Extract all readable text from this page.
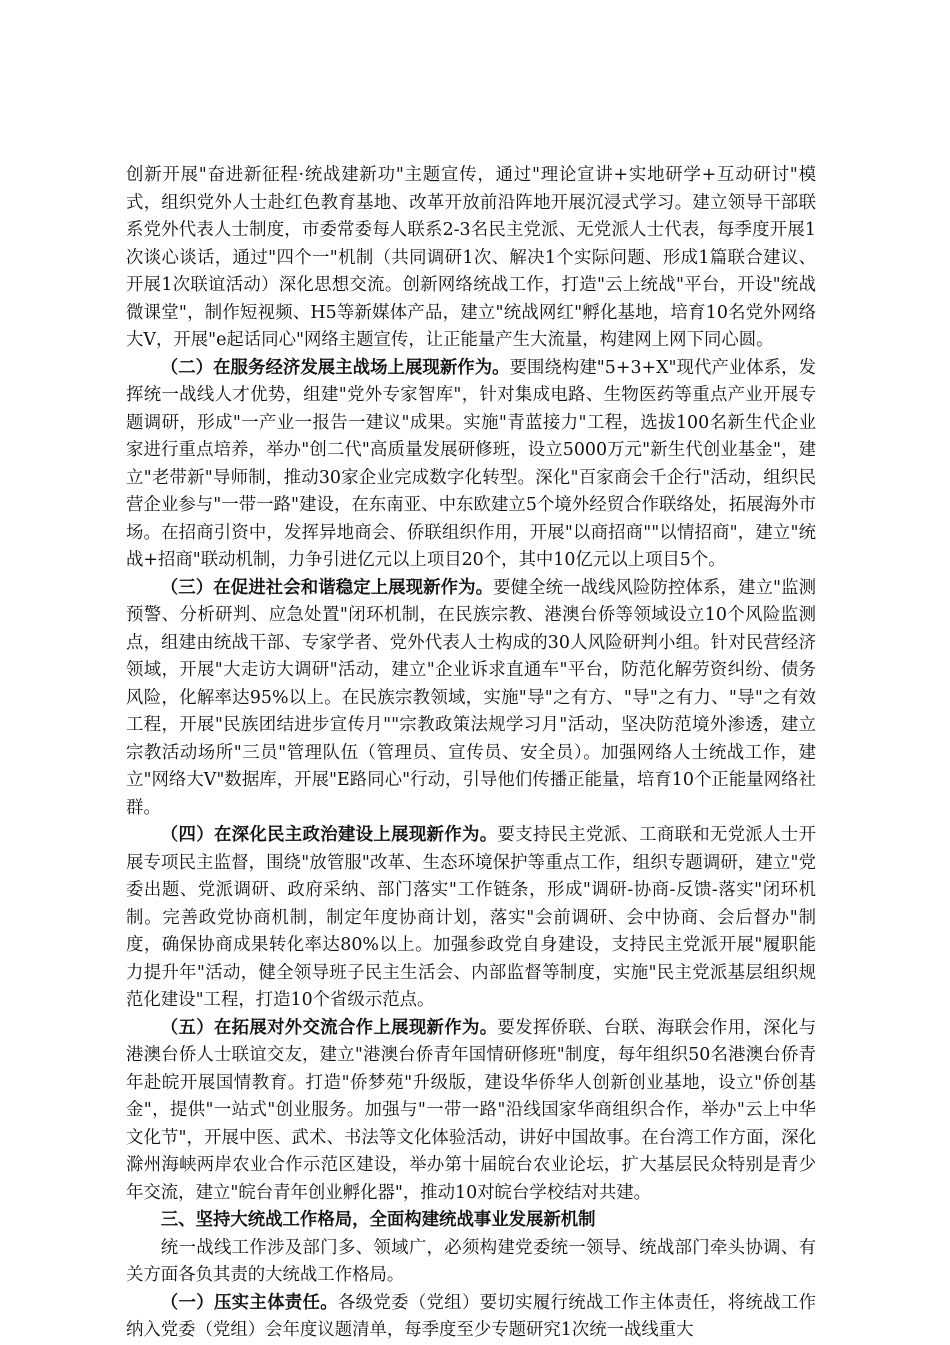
创新开展"奋进新征程·统战建新功"主题宣传，通过"理论宣讲+实地研学+互动研讨"模式，组织党外人士赴红色教育基地、改革开放前沿阵地开展沉浸式学习。建立领导干部联系党外代表人士制度，市委常委每人联系2-3名民主党派、无党派人士代表，每季度开展1次谈心谈话，通过"四个一"机制（共同调研1次、解决1个实际问题、形成1篇联合建议、开展1次联谊活动）深化思想交流。创新网络统战工作，打造"云上统战"平台，开设"统战微课堂"，制作短视频、H5等新媒体产品，建立"统战网红"孵化基地，培育10名党外网络大V，开展"e起话同心"网络主题宣传，让正能量产生大流量，构建网上网下同心圆。

（二）在服务经济发展主战场上展现新作为。要围绕构建"5+3+X"现代产业体系，发挥统一战线人才优势，组建"党外专家智库"，针对集成电路、生物医药等重点产业开展专题调研，形成"一产业一报告一建议"成果。实施"青蓝接力"工程，选拔100名新生代企业家进行重点培养，举办"创二代"高质量发展研修班，设立5000万元"新生代创业基金"，建立"老带新"导师制，推动30家企业完成数字化转型。深化"百家商会千企行"活动，组织民营企业参与"一带一路"建设，在东南亚、中东欧建立5个境外经贸合作联络处，拓展海外市场。在招商引资中，发挥异地商会、侨联组织作用，开展"以商招商""以情招商"，建立"统战+招商"联动机制，力争引进亿元以上项目20个，其中10亿元以上项目5个。

（三）在促进社会和谐稳定上展现新作为。要健全统一战线风险防控体系，建立"监测预警、分析研判、应急处置"闭环机制，在民族宗教、港澳台侨等领域设立10个风险监测点，组建由统战干部、专家学者、党外代表人士构成的30人风险研判小组。针对民营经济领域，开展"大走访大调研"活动，建立"企业诉求直通车"平台，防范化解劳资纠纷、债务风险，化解率达95%以上。在民族宗教领域，实施"导"之有方、"导"之有力、"导"之有效工程，开展"民族团结进步宣传月""宗教政策法规学习月"活动，坚决防范境外渗透，建立宗教活动场所"三员"管理队伍（管理员、宣传员、安全员）。加强网络人士统战工作，建立"网络大V"数据库，开展"E路同心"行动，引导他们传播正能量，培育10个正能量网络社群。

（四）在深化民主政治建设上展现新作为。要支持民主党派、工商联和无党派人士开展专项民主监督，围绕"放管服"改革、生态环境保护等重点工作，组织专题调研，建立"党委出题、党派调研、政府采纳、部门落实"工作链条，形成"调研-协商-反馈-落实"闭环机制。完善政党协商机制，制定年度协商计划，落实"会前调研、会中协商、会后督办"制度，确保协商成果转化率达80%以上。加强参政党自身建设，支持民主党派开展"履职能力提升年"活动，健全领导班子民主生活会、内部监督等制度，实施"民主党派基层组织规范化建设"工程，打造10个省级示范点。

（五）在拓展对外交流合作上展现新作为。要发挥侨联、台联、海联会作用，深化与港澳台侨人士联谊交友，建立"港澳台侨青年国情研修班"制度，每年组织50名港澳台侨青年赴皖开展国情教育。打造"侨梦苑"升级版，建设华侨华人创新创业基地，设立"侨创基金"，提供"一站式"创业服务。加强与"一带一路"沿线国家华商组织合作，举办"云上中华文化节"，开展中医、武术、书法等文化体验活动，讲好中国故事。在台湾工作方面，深化滁州海峡两岸农业合作示范区建设，举办第十届皖台农业论坛，扩大基层民众特别是青少年交流，建立"皖台青年创业孵化器"，推动10对皖台学校结对共建。

三、坚持大统战工作格局，全面构建统战事业发展新机制

统一战线工作涉及部门多、领域广，必须构建党委统一领导、统战部门牵头协调、有关方面各负其责的大统战工作格局。

（一）压实主体责任。各级党委（党组）要切实履行统战工作主体责任，将统战工作纳入党委（党组）会年度议题清单，每季度至少专题研究1次统一战线重大
